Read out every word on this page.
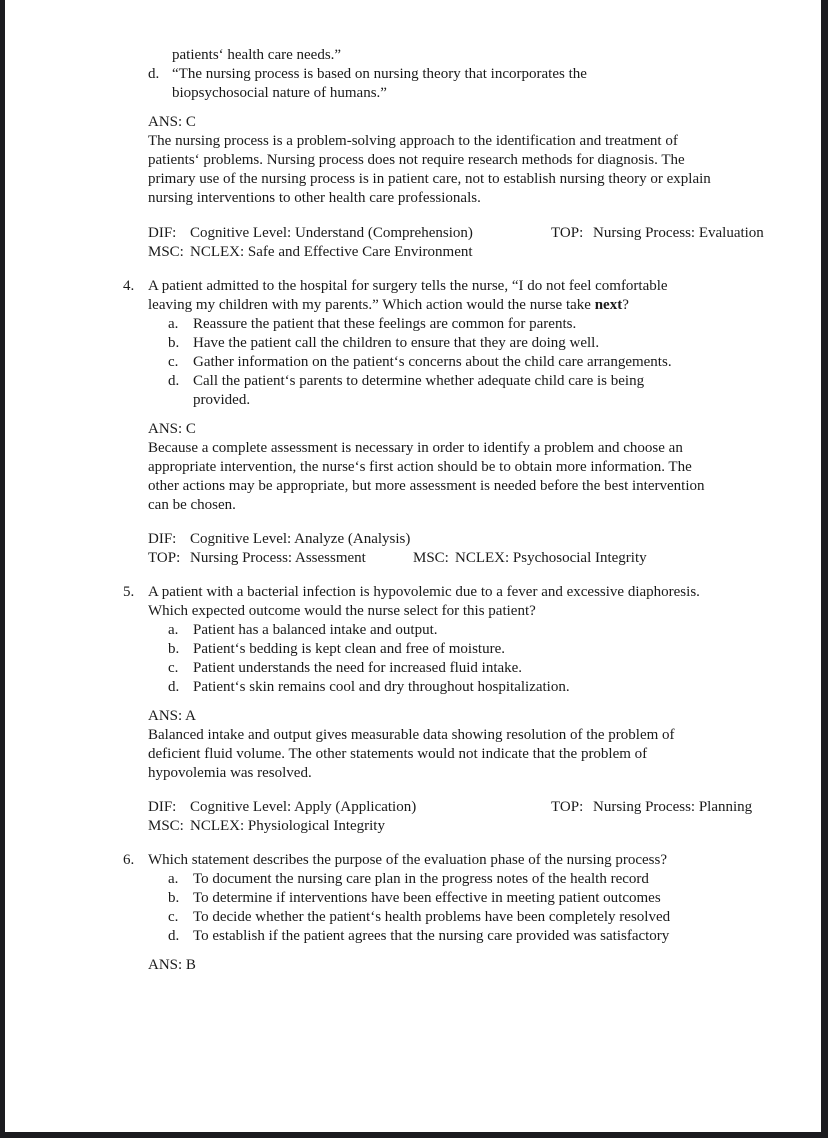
patients‘ health care needs.”
d. “The nursing process is based on nursing theory that incorporates the
biopsychosocial nature of humans.”
ANS: C
The nursing process is a problem-solving approach to the identification and treatment of
patients‘ problems. Nursing process does not require research methods for diagnosis. The
primary use of the nursing process is in patient care, not to establish nursing theory or explain
nursing interventions to other health care professionals.
DIF: Cognitive Level: Understand (Comprehension)	TOP: Nursing Process: Evaluation
MSC: NCLEX: Safe and Effective Care Environment
4. A patient admitted to the hospital for surgery tells the nurse, “I do not feel comfortable
leaving my children with my parents.” Which action would the nurse take next?
a. Reassure the patient that these feelings are common for parents.
b. Have the patient call the children to ensure that they are doing well.
c. Gather information on the patient‘s concerns about the child care arrangements.
d. Call the patient‘s parents to determine whether adequate child care is being
provided.
ANS: C
Because a complete assessment is necessary in order to identify a problem and choose an
appropriate intervention, the nurse‘s first action should be to obtain more information. The
other actions may be appropriate, but more assessment is needed before the best intervention
can be chosen.
DIF: Cognitive Level: Analyze (Analysis)
TOP: Nursing Process: Assessment	MSC: NCLEX: Psychosocial Integrity
5. A patient with a bacterial infection is hypovolemic due to a fever and excessive diaphoresis.
Which expected outcome would the nurse select for this patient?
a. Patient has a balanced intake and output.
b. Patient‘s bedding is kept clean and free of moisture.
c. Patient understands the need for increased fluid intake.
d. Patient‘s skin remains cool and dry throughout hospitalization.
ANS: A
Balanced intake and output gives measurable data showing resolution of the problem of
deficient fluid volume. The other statements would not indicate that the problem of
hypovolemia was resolved.
DIF: Cognitive Level: Apply (Application)	TOP: Nursing Process: Planning
MSC: NCLEX: Physiological Integrity
6. Which statement describes the purpose of the evaluation phase of the nursing process?
a. To document the nursing care plan in the progress notes of the health record
b. To determine if interventions have been effective in meeting patient outcomes
c. To decide whether the patient‘s health problems have been completely resolved
d. To establish if the patient agrees that the nursing care provided was satisfactory
ANS: B
